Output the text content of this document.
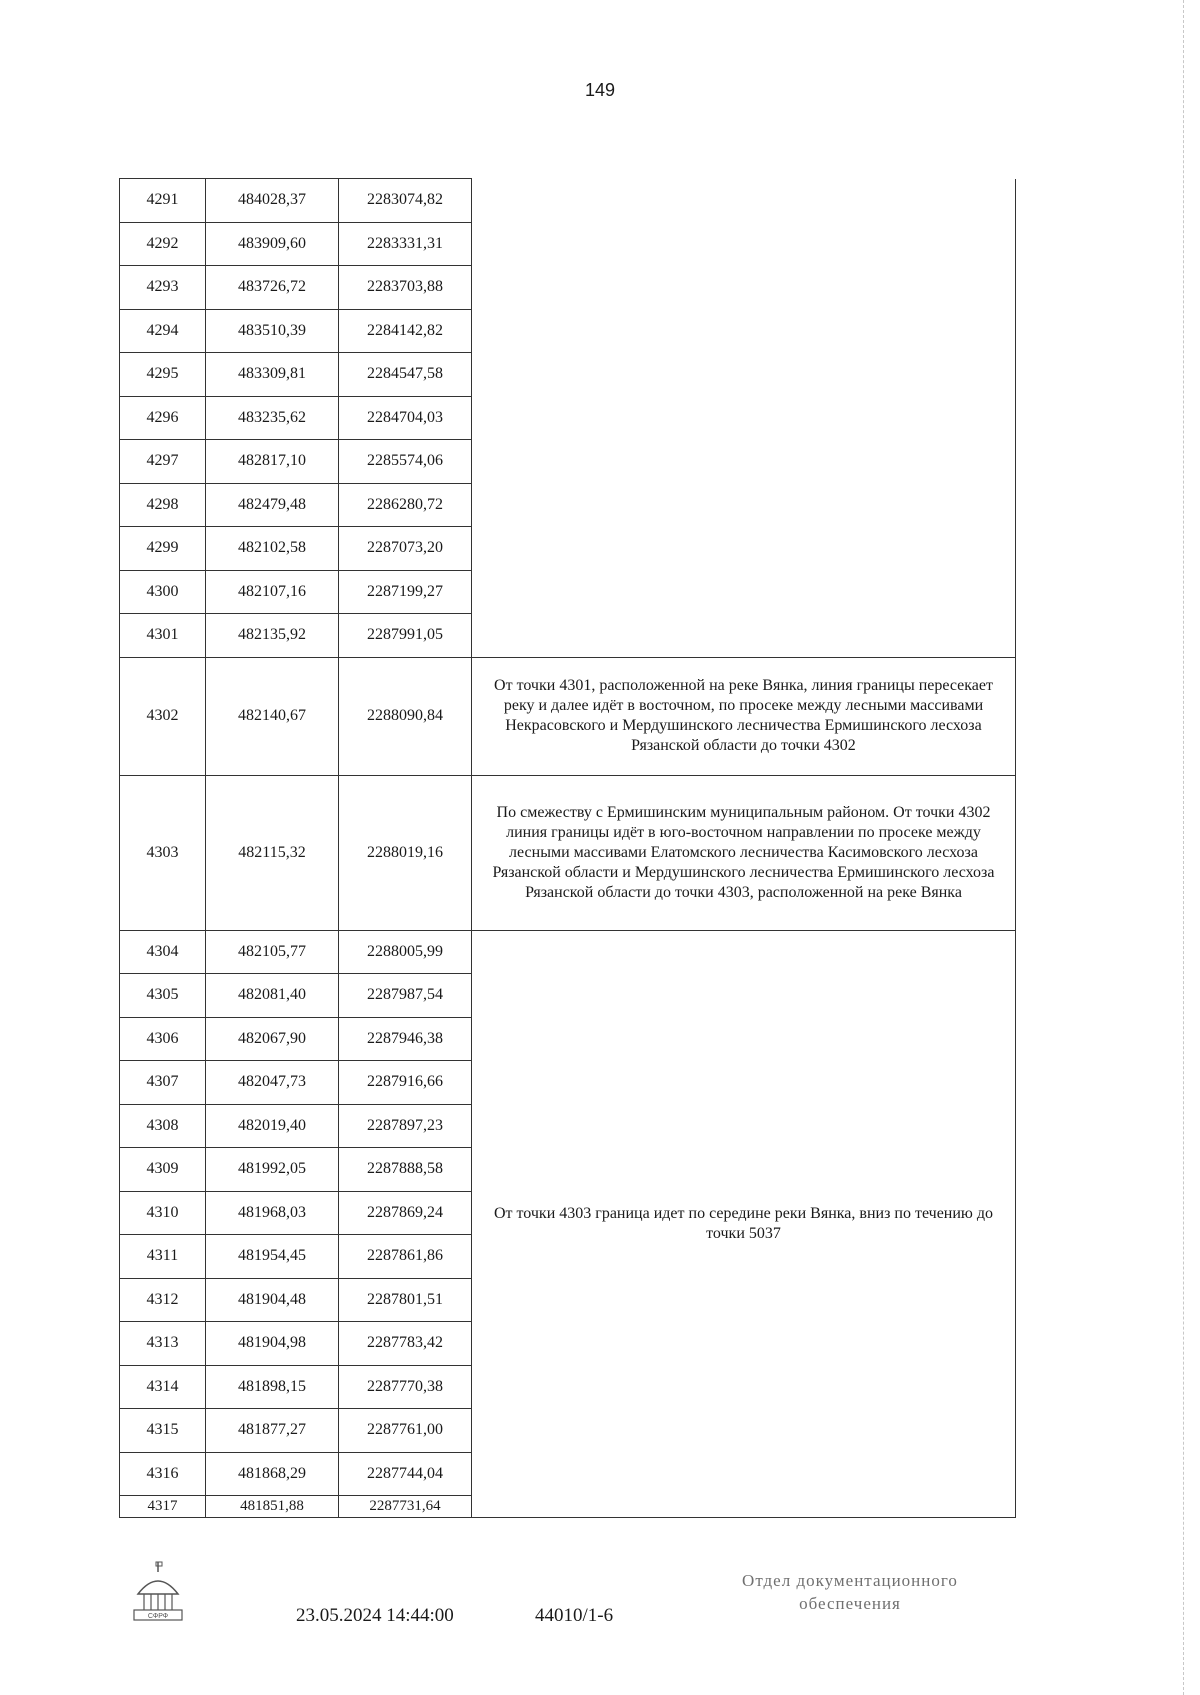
149
4291	484028,37	2283074,82	
4292	483909,60	2283331,31	
4293	483726,72	2283703,88	
4294	483510,39	2284142,82	
4295	483309,81	2284547,58	
4296	483235,62	2284704,03	
4297	482817,10	2285574,06	
4298	482479,48	2286280,72	
4299	482102,58	2287073,20	
4300	482107,16	2287199,27	
4301	482135,92	2287991,05	
4302	482140,67	2288090,84	От точки 4301, расположенной на реке Вянка, линия границы пересекает реку и далее идёт в восточном, по просеке между лесными массивами Некрасовского и Мердушинского лесничества Ермишинского лесхоза Рязанской области до точки 4302
4303	482115,32	2288019,16	По смежеству с Ермишинским муниципальным районом. От точки 4302 линия границы идёт в юго-восточном направлении по просеке между лесными массивами Елатомского лесничества Касимовского лесхоза Рязанской области и Мердушинского лесничества Ермишинского лесхоза Рязанской области до точки 4303, расположенной на реке Вянка
4304	482105,77	2288005,99	От точки 4303 граница идет по середине реки Вянка, вниз по течению до точки 5037
4305	482081,40	2287987,54	
4306	482067,90	2287946,38	
4307	482047,73	2287916,66	
4308	482019,40	2287897,23	
4309	481992,05	2287888,58	
4310	481968,03	2287869,24	
4311	481954,45	2287861,86	
4312	481904,48	2287801,51	
4313	481904,98	2287783,42	
4314	481898,15	2287770,38	
4315	481877,27	2287761,00	
4316	481868,29	2287744,04	
4317	481851,88	2287731,64	
СФРФ	23.05.2024 14:44:00	44010/1-6
Отдел документационного
обеспечения
